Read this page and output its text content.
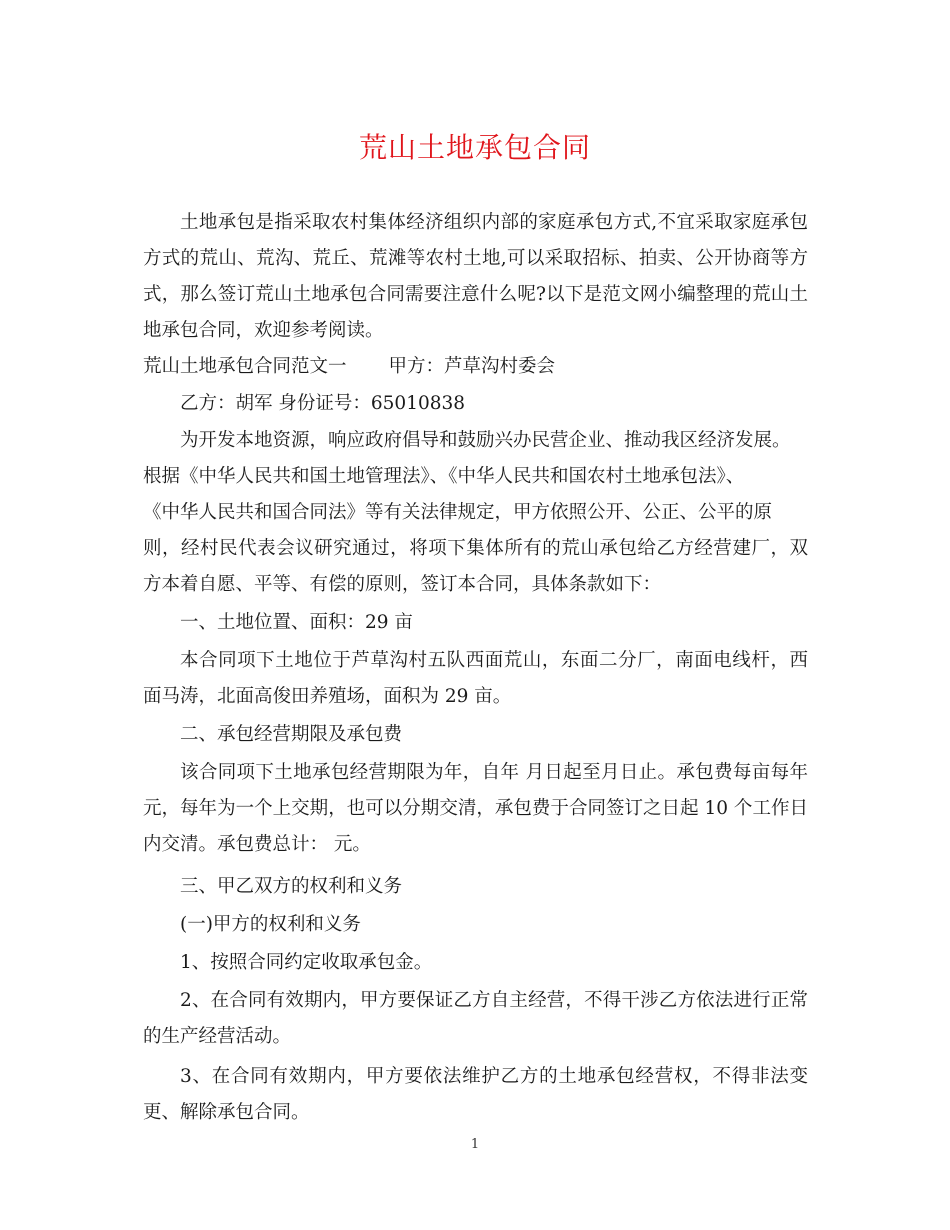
荒山土地承包合同

土地承包是指采取农村集体经济组织内部的家庭承包方式,不宜采取家庭承包方式的荒山、荒沟、荒丘、荒滩等农村土地,可以采取招标、拍卖、公开协商等方式，那么签订荒山土地承包合同需要注意什么呢?以下是范文网小编整理的荒山土地承包合同，欢迎参考阅读。

荒山土地承包合同范文一 甲方：芦草沟村委会

乙方：胡军 身份证号：65010838

为开发本地资源，响应政府倡导和鼓励兴办民营企业、推动我区经济发展。

根据《中华人民共和国土地管理法》、《中华人民共和国农村土地承包法》、

《中华人民共和国合同法》等有关法律规定，甲方依照公开、公正、公平的原

则，经村民代表会议研究通过，将项下集体所有的荒山承包给乙方经营建厂，双方本着自愿、平等、有偿的原则，签订本合同，具体条款如下：

一、土地位置、面积：29 亩

本合同项下土地位于芦草沟村五队西面荒山，东面二分厂，南面电线杆，西面马涛，北面高俊田养殖场，面积为 29 亩。

二、承包经营期限及承包费

该合同项下土地承包经营期限为年，自年 月日起至月日止。承包费每亩每年元，每年为一个上交期，也可以分期交清，承包费于合同签订之日起 10 个工作日内交清。承包费总计： 元。

三、甲乙双方的权利和义务

(一)甲方的权利和义务

1、按照合同约定收取承包金。

2、在合同有效期内，甲方要保证乙方自主经营，不得干涉乙方依法进行正常的生产经营活动。

3、在合同有效期内，甲方要依法维护乙方的土地承包经营权，不得非法变更、解除承包合同。

1
